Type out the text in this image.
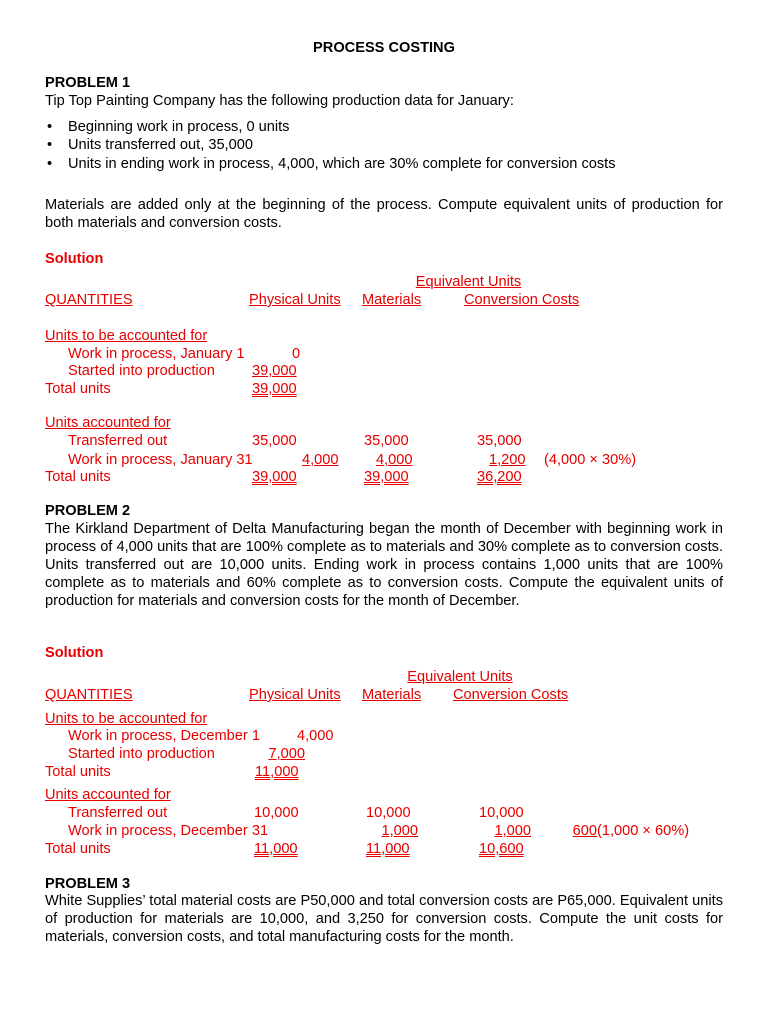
PROCESS COSTING
PROBLEM 1
Tip Top Painting Company has the following production data for January:
• Beginning work in process, 0 units
• Units transferred out, 35,000
• Units in ending work in process, 4,000, which are 30% complete for conversion costs

Materials are added only at the beginning of the process. Compute equivalent units of production for both materials and conversion costs.

Solution
Equivalent Units
QUANTITIES	Physical Units Materials	Conversion Costs
Units to be accounted for
Work in process, January 1	0
Started into production	39,000
Total units	39,000
Units accounted for
Transferred out	35,000	35,000	35,000
Work in process, January 31	4,000	4,000	1,200 (4,000 × 30%)
Total units	39,000	39,000	36,200
PROBLEM 2

The Kirkland Department of Delta Manufacturing began the month of December with beginning work in process of 4,000 units that are 100% complete as to materials and 30% complete as to conversion costs. Units transferred out are 10,000 units. Ending work in process contains 1,000 units that are 100% complete as to materials and 60% complete as to conversion costs. Compute the equivalent units of production for materials and conversion costs for the month of December.

Solution
Equivalent Units
QUANTITIES	Physical Units Materials Conversion Costs
Units to be accounted for
Work in process, December 1	4,000
Started into production	7,000
Total units	11,000
Units accounted for
Transferred out	10,000	10,000	10,000
Work in process, December 31	1,000	1,000	600 (1,000 × 60%)
Total units	11,000	11,000	10,600
PROBLEM 3

White Supplies’ total material costs are P50,000 and total conversion costs are P65,000. Equivalent units of production for materials are 10,000, and 3,250 for conversion costs. Compute the unit costs for materials, conversion costs, and total manufacturing costs for the month.
